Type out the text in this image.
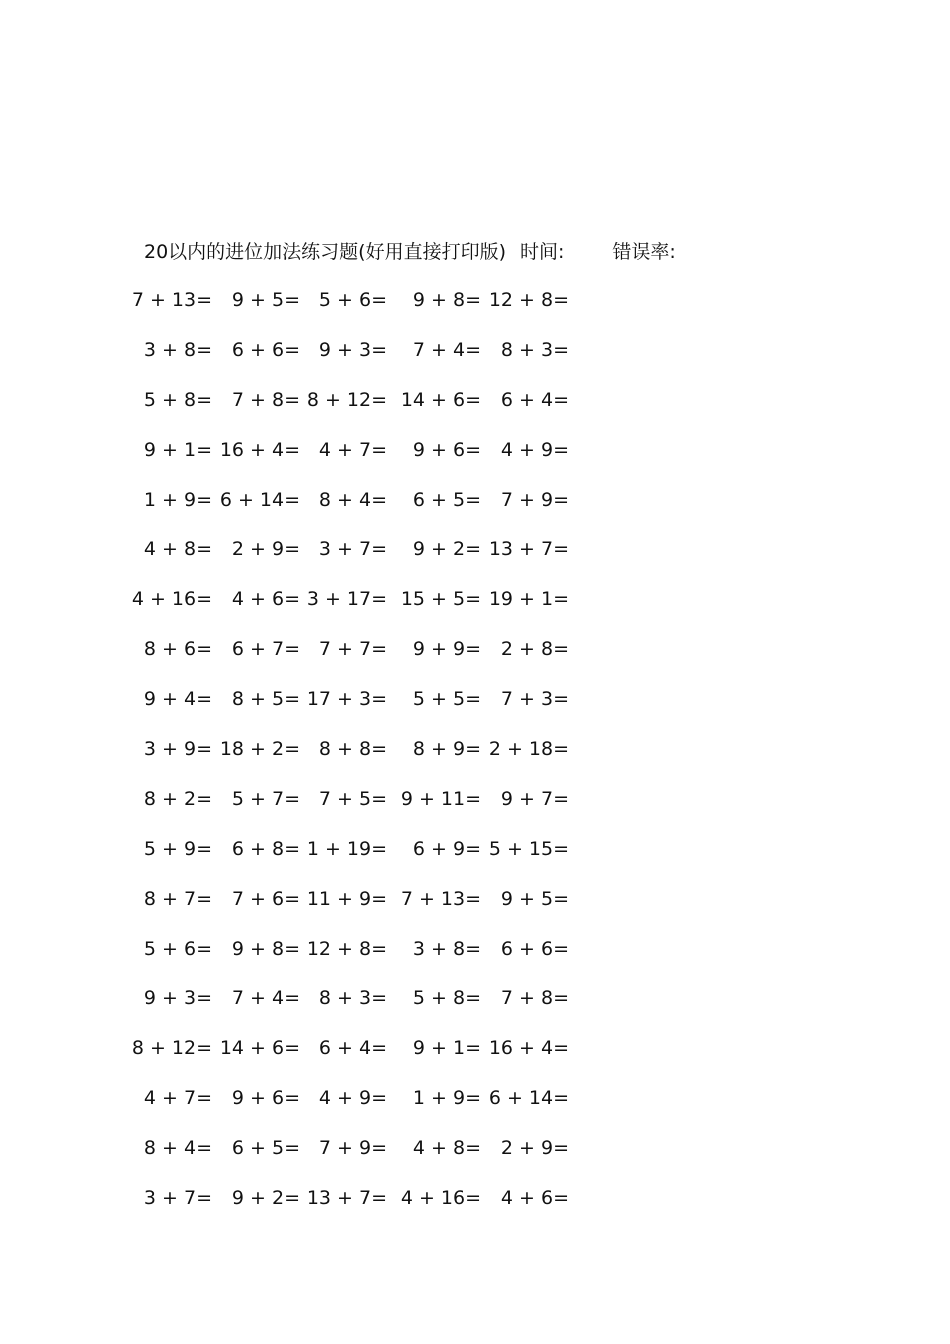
20以内的进位加法练习题(好用直接打印版) 时间:	错误率:
7 + 13= 9 + 5= 5 + 6= 9 + 8= 12 + 8=
3 + 8= 6 + 6= 9 + 3= 7 + 4= 8 + 3=
5 + 8= 7 + 8= 8 + 12= 14 + 6= 6 + 4=
9 + 1= 16 + 4= 4 + 7= 9 + 6= 4 + 9=
1 + 9= 6 + 14= 8 + 4= 6 + 5= 7 + 9=
4 + 8= 2 + 9= 3 + 7= 9 + 2= 13 + 7=
4 + 16= 4 + 6= 3 + 17= 15 + 5= 19 + 1=
8 + 6= 6 + 7= 7 + 7= 9 + 9= 2 + 8=
9 + 4= 8 + 5= 17 + 3= 5 + 5= 7 + 3=
3 + 9= 18 + 2= 8 + 8= 8 + 9= 2 + 18=
8 + 2= 5 + 7= 7 + 5= 9 + 11= 9 + 7=
5 + 9= 6 + 8= 1 + 19= 6 + 9= 5 + 15=
8 + 7= 7 + 6= 11 + 9= 7 + 13= 9 + 5=
5 + 6= 9 + 8= 12 + 8= 3 + 8= 6 + 6=
9 + 3= 7 + 4= 8 + 3= 5 + 8= 7 + 8=
8 + 12= 14 + 6= 6 + 4= 9 + 1= 16 + 4=
4 + 7= 9 + 6= 4 + 9= 1 + 9= 6 + 14=
8 + 4= 6 + 5= 7 + 9= 4 + 8= 2 + 9=
3 + 7= 9 + 2= 13 + 7= 4 + 16= 4 + 6=
